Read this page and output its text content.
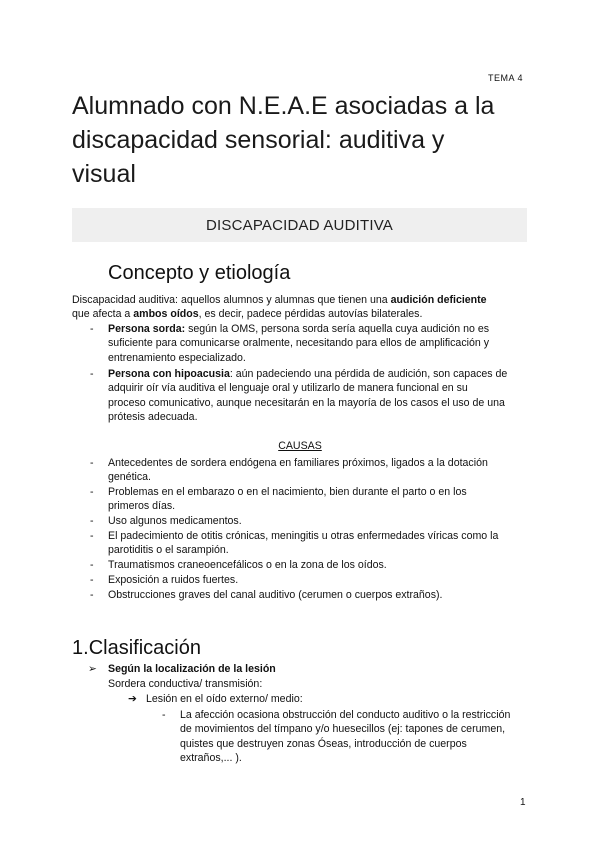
TEMA 4
Alumnado con N.E.A.E asociadas a la
discapacidad sensorial: auditiva y
visual
DISCAPACIDAD AUDITIVA
Concepto y etiología
Discapacidad auditiva: aquellos alumnos y alumnas que tienen una audición deficiente
que afecta a ambos oídos, es decir, padece pérdidas autovías bilaterales.
- Persona sorda: según la OMS, persona sorda sería aquella cuya audición no es
suficiente para comunicarse oralmente, necesitando para ellos de amplificación y
entrenamiento especializado.
- Persona con hipoacusia: aún padeciendo una pérdida de audición, son capaces de
adquirir oír vía auditiva el lenguaje oral y utilizarlo de manera funcional en su
proceso comunicativo, aunque necesitarán en la mayoría de los casos el uso de una
prótesis adecuada.
CAUSAS
- Antecedentes de sordera endógena en familiares próximos, ligados a la dotación
genética.
- Problemas en el embarazo o en el nacimiento, bien durante el parto o en los
primeros días.
- Uso algunos medicamentos.
- El padecimiento de otitis crónicas, meningitis u otras enfermedades víricas como la
parotiditis o el sarampión.
- Traumatismos craneoencefálicos o en la zona de los oídos.
- Exposición a ruidos fuertes.
- Obstrucciones graves del canal auditivo (cerumen o cuerpos extraños).
1.Clasificación
➢ Según la localización de la lesión
Sordera conductiva/ transmisión:
➔ Lesión en el oído externo/ medio:
- La afección ocasiona obstrucción del conducto auditivo o la restricción
de movimientos del tímpano y/o huesecillos (ej: tapones de cerumen,
quistes que destruyen zonas Óseas, introducción de cuerpos
extraños,... ).
1
